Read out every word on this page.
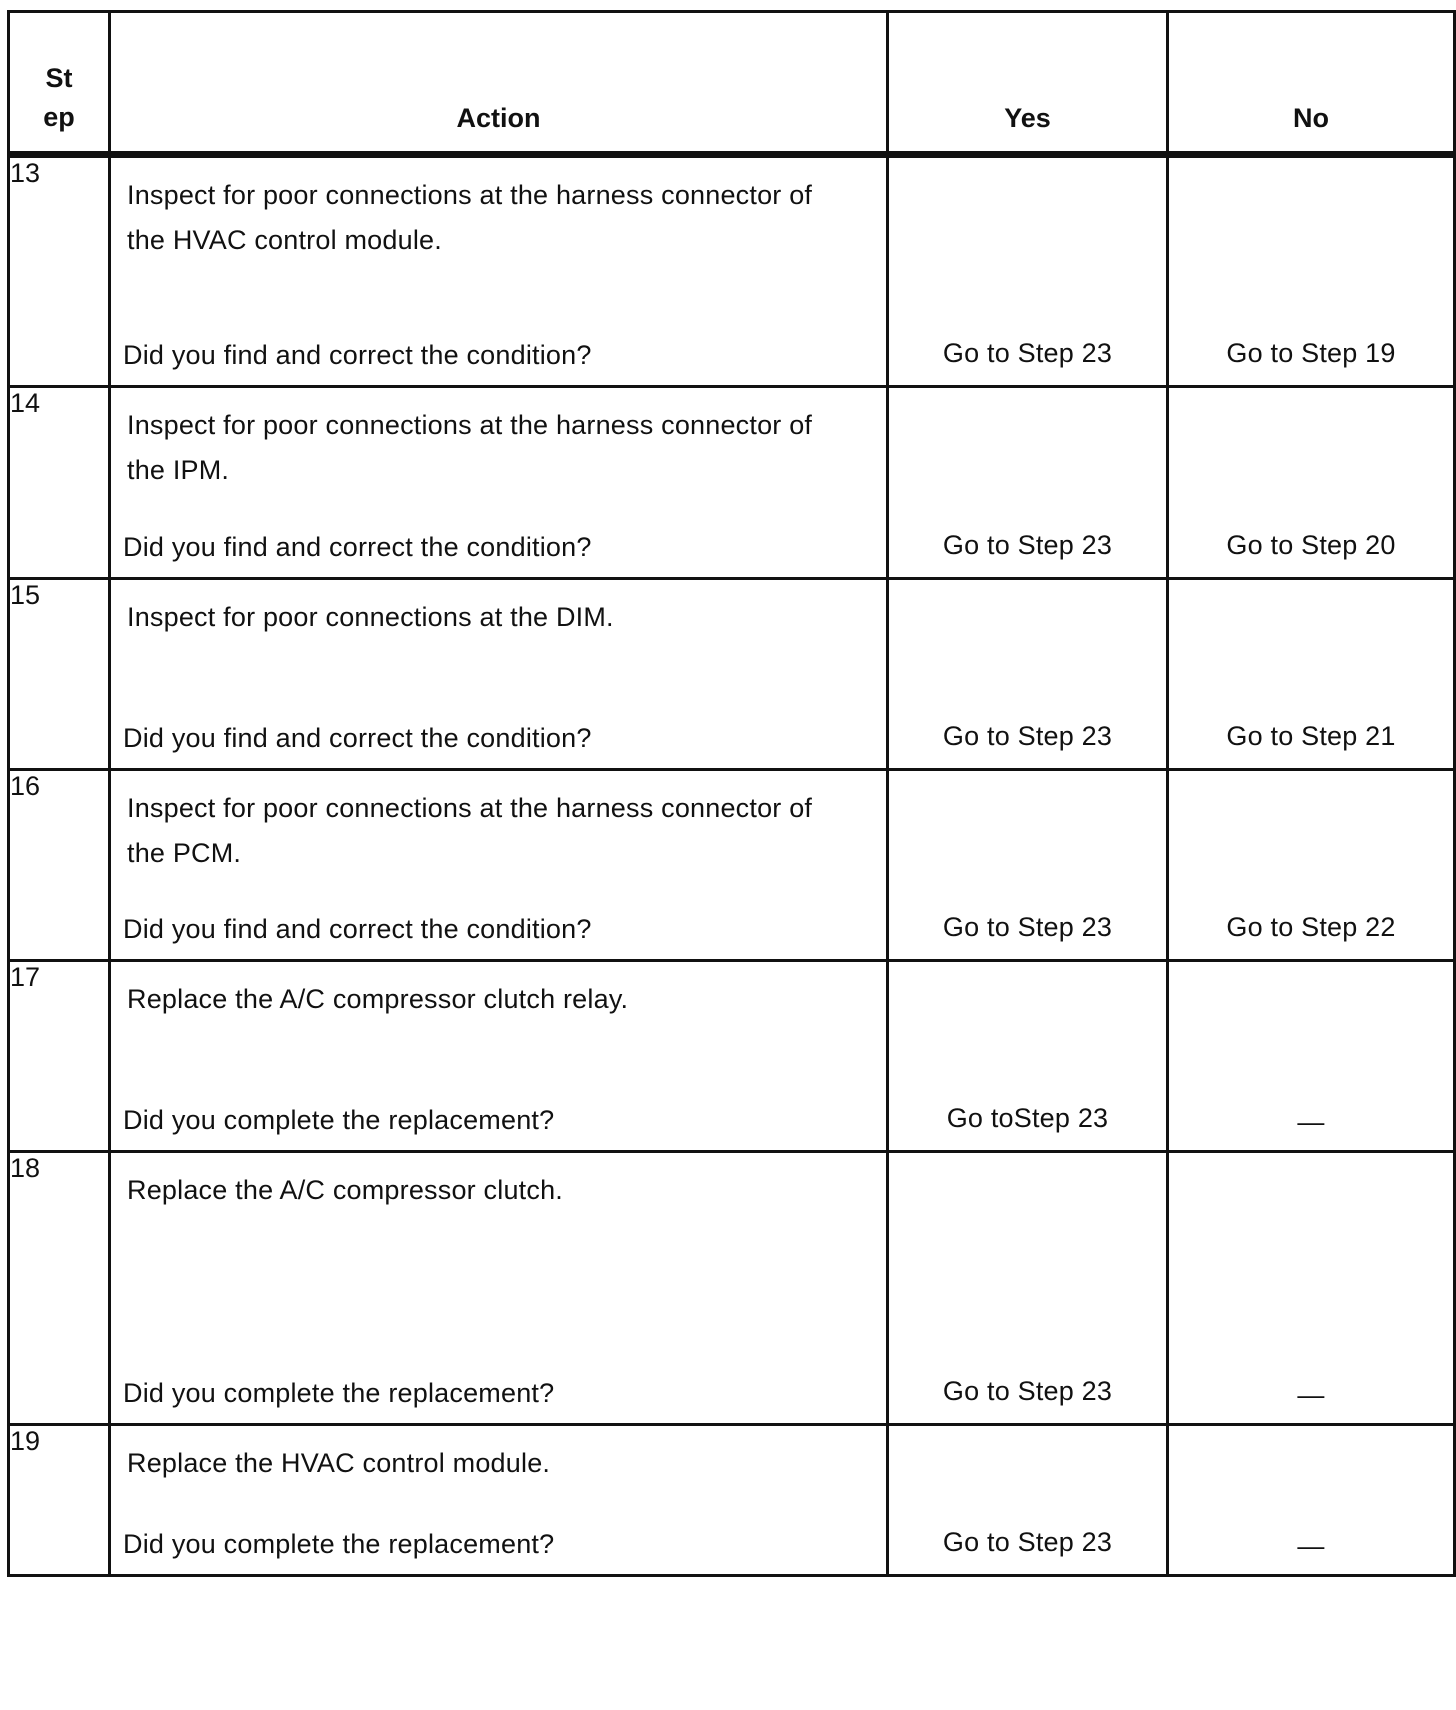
St
ep	Action	Yes	No
13	Inspect for poor connections at the harness connector of the HVAC control module.
Did you find and correct the condition?	Go to Step 23	Go to Step 19

14	Inspect for poor connections at the harness connector of the IPM.
Did you find and correct the condition?	Go to Step 23	Go to Step 20

15	Inspect for poor connections at the DIM.
Did you find and correct the condition?	Go to Step 23	Go to Step 21

16	Inspect for poor connections at the harness connector of the PCM.
Did you find and correct the condition?	Go to Step 23	Go to Step 22

17	Replace the A/C compressor clutch relay.
Did you complete the replacement?	Go toStep 23	—

18	Replace the A/C compressor clutch.
Did you complete the replacement?	Go to Step 23	—

19	Replace the HVAC control module.
Did you complete the replacement?	Go to Step 23	—
